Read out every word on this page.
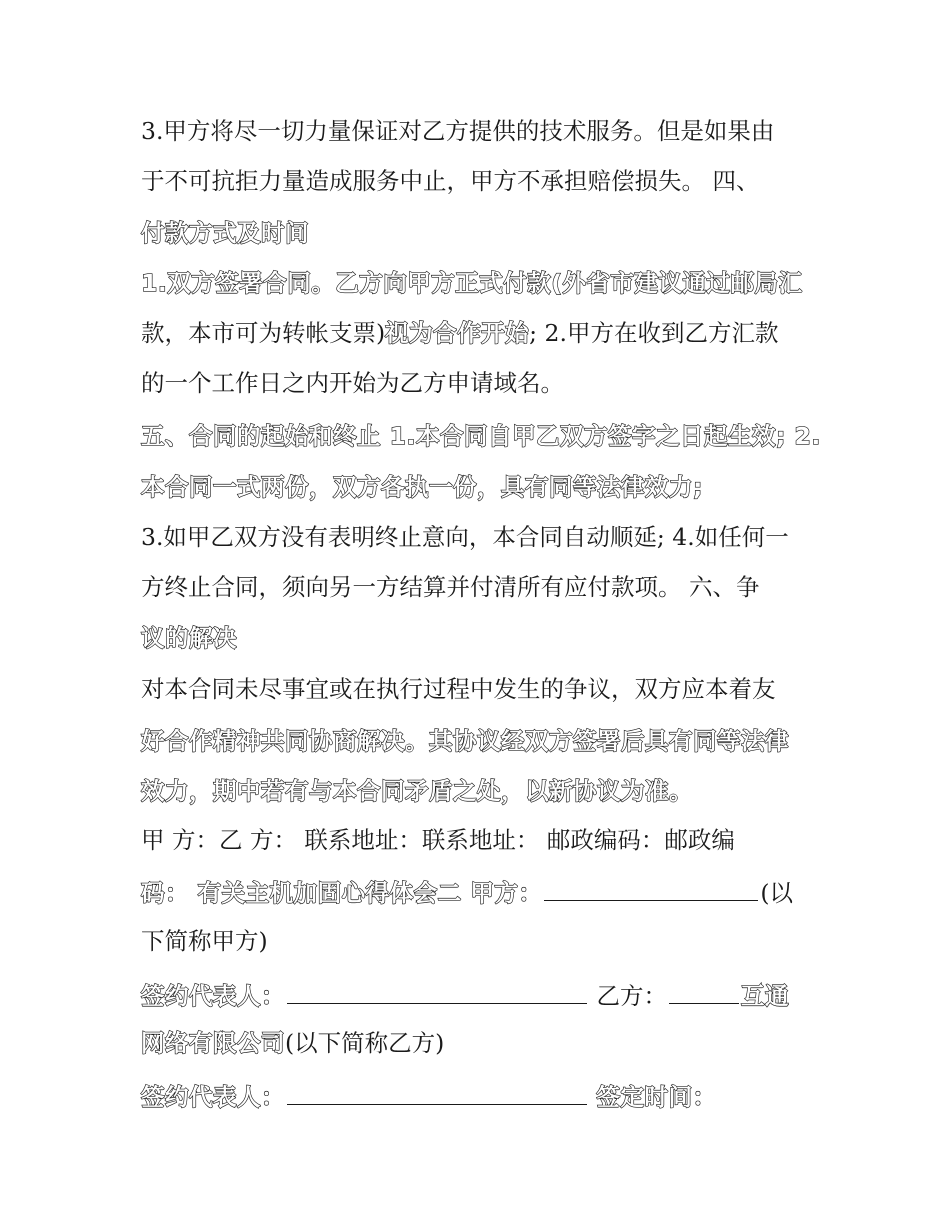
3.甲方将尽一切力量保证对乙方提供的技术服务。但是如果由
于不可抗拒力量造成服务中止，甲方不承担赔偿损失。 四、
付款方式及时间
1.双方签署合同。乙方向甲方正式付款(外省市建议通过邮局汇
款，本市可为转帐支票)视为合作开始; 2.甲方在收到乙方汇款
的一个工作日之内开始为乙方申请域名。
五、合同的起始和终止 1.本合同自甲乙双方签字之日起生效; 2.
本合同一式两份，双方各执一份，具有同等法律效力;
3.如甲乙双方没有表明终止意向，本合同自动顺延; 4.如任何一
方终止合同，须向另一方结算并付清所有应付款项。 六、争
议的解决
对本合同未尽事宜或在执行过程中发生的争议，双方应本着友
好合作精神共同协商解决。其协议经双方签署后具有同等法律
效力，期中若有与本合同矛盾之处，以新协议为准。
甲 方：乙 方： 联系地址：联系地址： 邮政编码：邮政编
码： 有关主机加固心得体会二 甲方：	(以
下简称甲方)
签约代表人：	乙方：	互通
网络有限公司(以下简称乙方)
签约代表人：	签定时间：
